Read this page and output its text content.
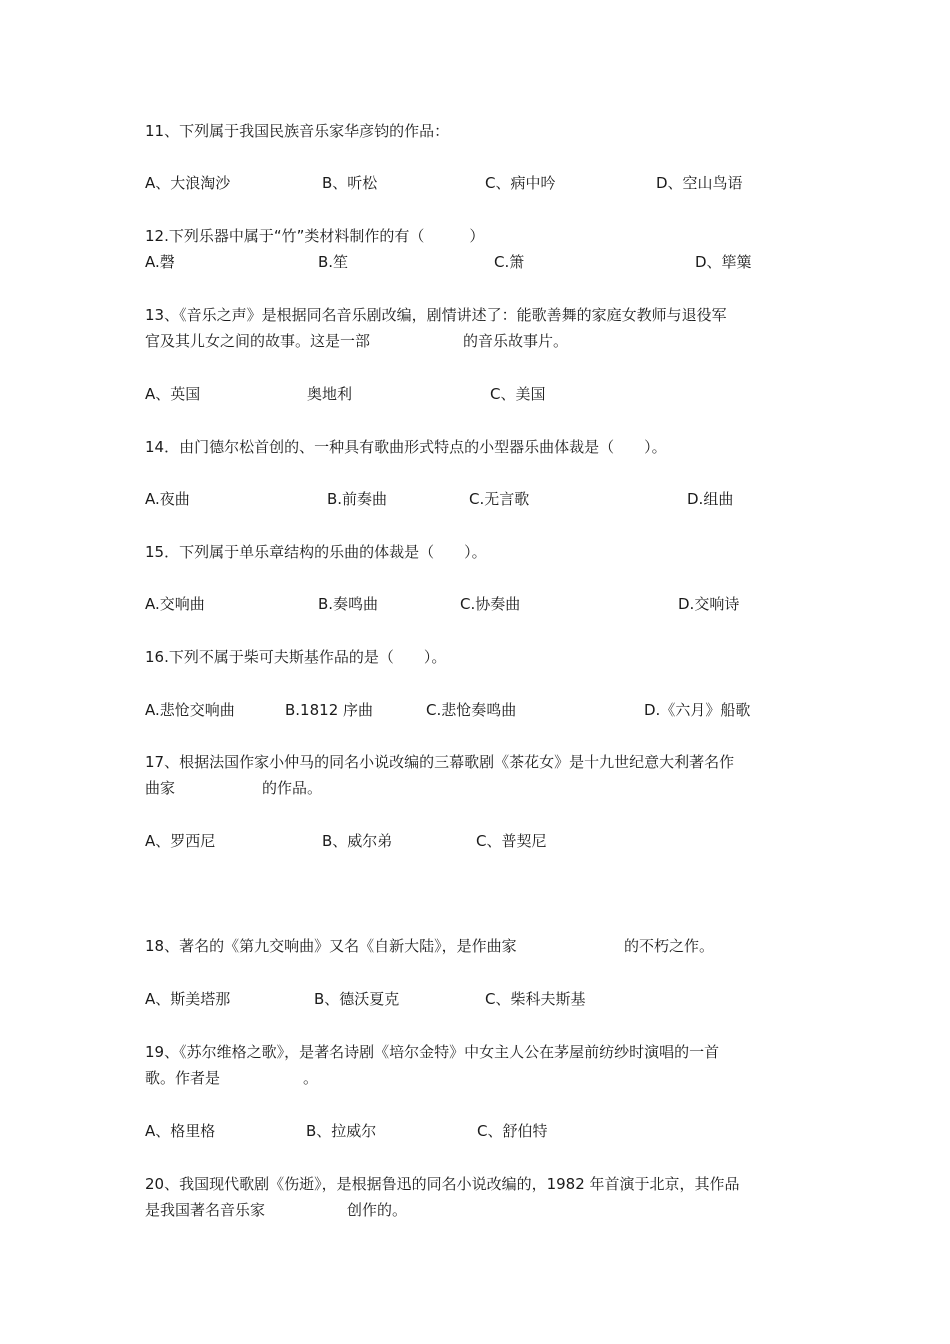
11、下列属于我国民族音乐家华彦钧的作品：

A、大浪淘沙	B、听松	C、病中吟	D、空山鸟语

12.下列乐器中属于“竹”类材料制作的有（　　　）

A.磬	B.笙	C.箫	D、筚篥

13、《音乐之声》是根据同名音乐剧改编，剧情讲述了：能歌善舞的家庭女教师与退役军

官及其儿女之间的故事。这是一部	的音乐故事片。

A、英国	奥地利	C、美国

14．由门德尔松首创的、一种具有歌曲形式特点的小型器乐曲体裁是（　　）。

A.夜曲	B.前奏曲	C.无言歌	D.组曲

15．下列属于单乐章结构的乐曲的体裁是（　　）。

A.交响曲	B.奏鸣曲	C.协奏曲	D.交响诗

16.下列不属于柴可夫斯基作品的是（　　）。

A.悲怆交响曲	B.1812 序曲	C.悲怆奏鸣曲	D.《六月》船歌

17、根据法国作家小仲马的同名小说改编的三幕歌剧《茶花女》是十九世纪意大利著名作

曲家	的作品。

A、罗西尼	B、威尔弟	C、普契尼

18、著名的《第九交响曲》又名《自新大陆》，是作曲家	的不朽之作。

A、斯美塔那	B、德沃夏克	C、柴科夫斯基

19、《苏尔维格之歌》，是著名诗剧《培尔金特》中女主人公在茅屋前纺纱时演唱的一首

歌。作者是	。

A、格里格	B、拉威尔	C、舒伯特

20、我国现代歌剧《伤逝》，是根据鲁迅的同名小说改编的，1982 年首演于北京，其作品

是我国著名音乐家	创作的。
